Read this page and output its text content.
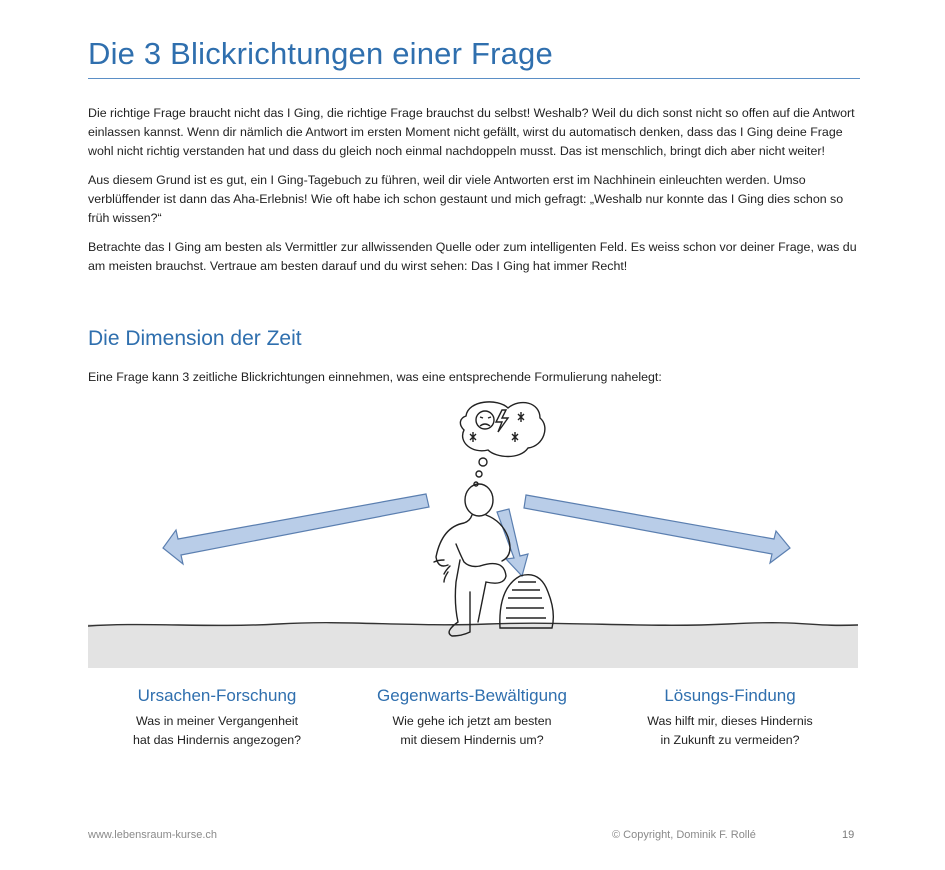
Die 3 Blickrichtungen einer Frage

Die richtige Frage braucht nicht das I Ging, die richtige Frage brauchst du selbst! Weshalb? Weil du dich sonst nicht so offen auf die Antwort einlassen kannst. Wenn dir nämlich die Antwort im ersten Moment nicht gefällt, wirst du automatisch denken, dass das I Ging deine Frage wohl nicht richtig verstanden hat und dass du gleich noch einmal nachdoppeln musst. Das ist menschlich, bringt dich aber nicht weiter!

Aus diesem Grund ist es gut, ein I Ging-Tagebuch zu führen, weil dir viele Antworten erst im Nachhinein einleuchten werden. Umso verblüffender ist dann das Aha-Erlebnis! Wie oft habe ich schon gestaunt und mich gefragt: „Weshalb nur konnte das I Ging dies schon so früh wissen?“

Betrachte das I Ging am besten als Vermittler zur allwissenden Quelle oder zum intelligenten Feld. Es weiss schon vor deiner Frage, was du am meisten brauchst. Vertraue am besten darauf und du wirst sehen: Das I Ging hat immer Recht!

Die Dimension der Zeit

Eine Frage kann 3 zeitliche Blickrichtungen einnehmen, was eine entsprechende Formulierung nahelegt:

Ursachen-Forschung
Was in meiner Vergangenheit
hat das Hindernis angezogen?
Gegenwarts-Bewältigung
Wie gehe ich jetzt am besten
mit diesem Hindernis um?
Lösungs-Findung
Was hilft mir, dieses Hindernis
in Zukunft zu vermeiden?
www.lebensraum-kurse.ch	© Copyright, Dominik F. Rollé	19
